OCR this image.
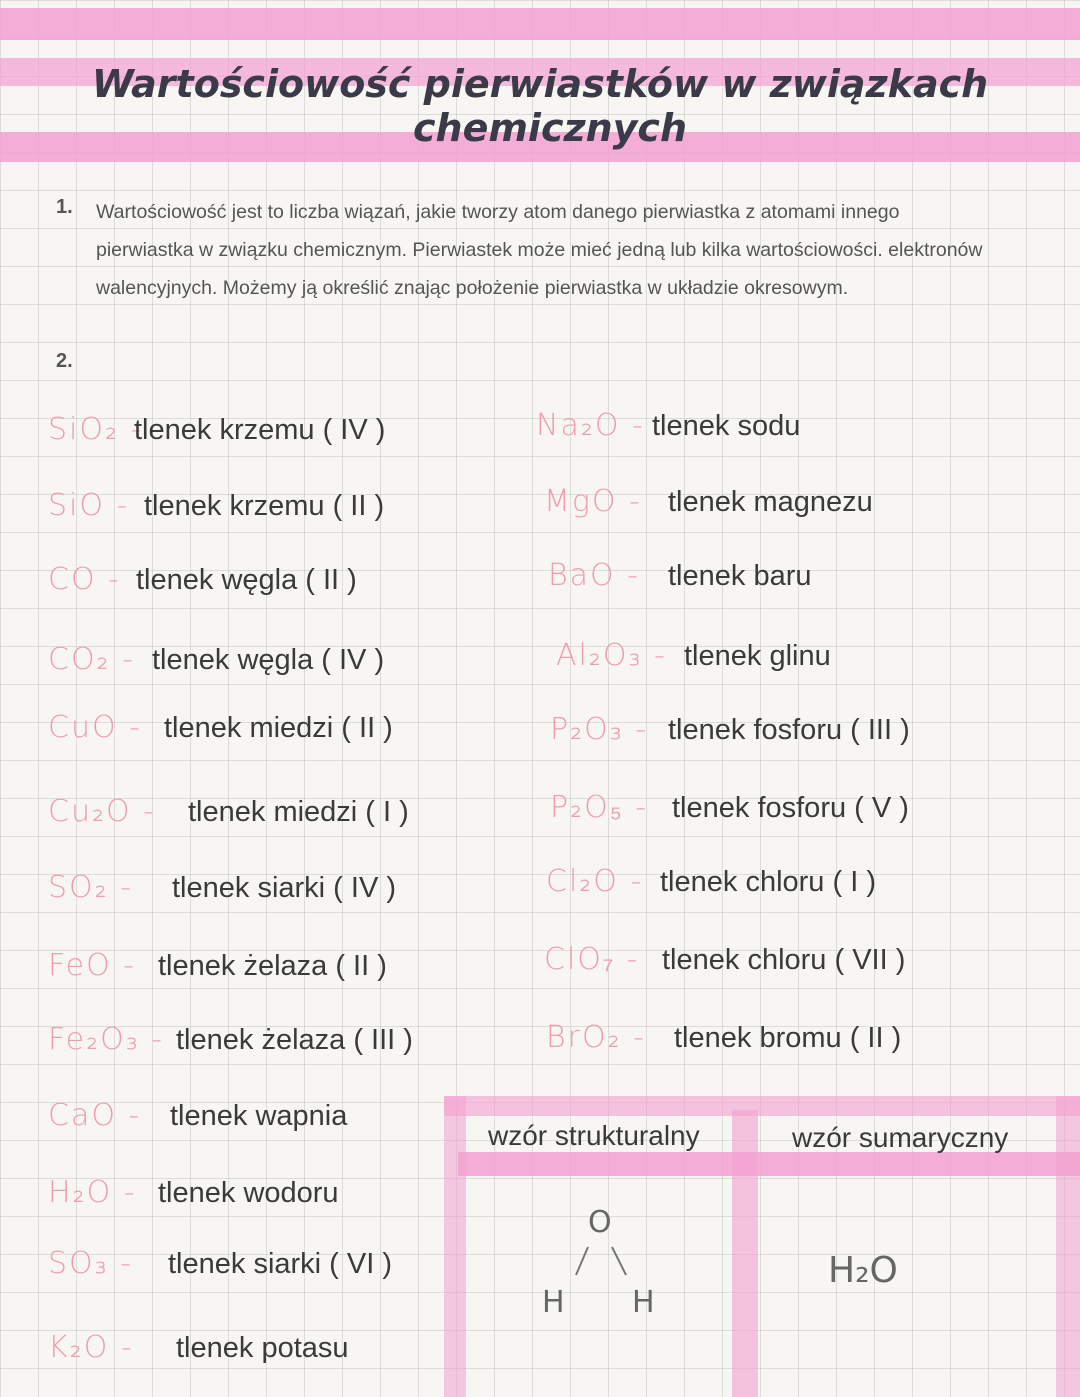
Wartościowość pierwiastków w związkach
chemicznych
1. Wartościowość jest to liczba wiązań, jakie tworzy atom danego pierwiastka z atomami innego pierwiastka w związku chemicznym. Pierwiastek może mieć jedną lub kilka wartościowości. elektronów walencyjnych. Możemy ją określić znając położenie pierwiastka w układzie okresowym.
2.
SiO₂ -
tlenek krzemu ( IV )
SiO - tlenek krzemu ( II )
CO - tlenek węgla ( II )
CO₂ - tlenek węgla ( IV )
CuO - tlenek miedzi ( II )
Cu₂O - tlenek miedzi ( I )
SO₂ - tlenek siarki ( IV )
FeO - tlenek żelaza ( II )
Fe₂O₃ - tlenek żelaza ( III )
CaO - tlenek wapnia
H₂O - tlenek wodoru
SO₃ - tlenek siarki ( VI )
K₂O - tlenek potasu
Na₂O - tlenek sodu
MgO - tlenek magnezu
BaO - tlenek baru
Al₂O₃ - tlenek glinu
P₂O₃ - tlenek fosforu ( III )
P₂O₅ - tlenek fosforu ( V )
Cl₂O - tlenek chloru ( I )
ClO₇ - tlenek chloru ( VII )
BrO₂ - tlenek bromu ( II )
wzór strukturalny	wzór sumaryczny
O
H H
H₂O
